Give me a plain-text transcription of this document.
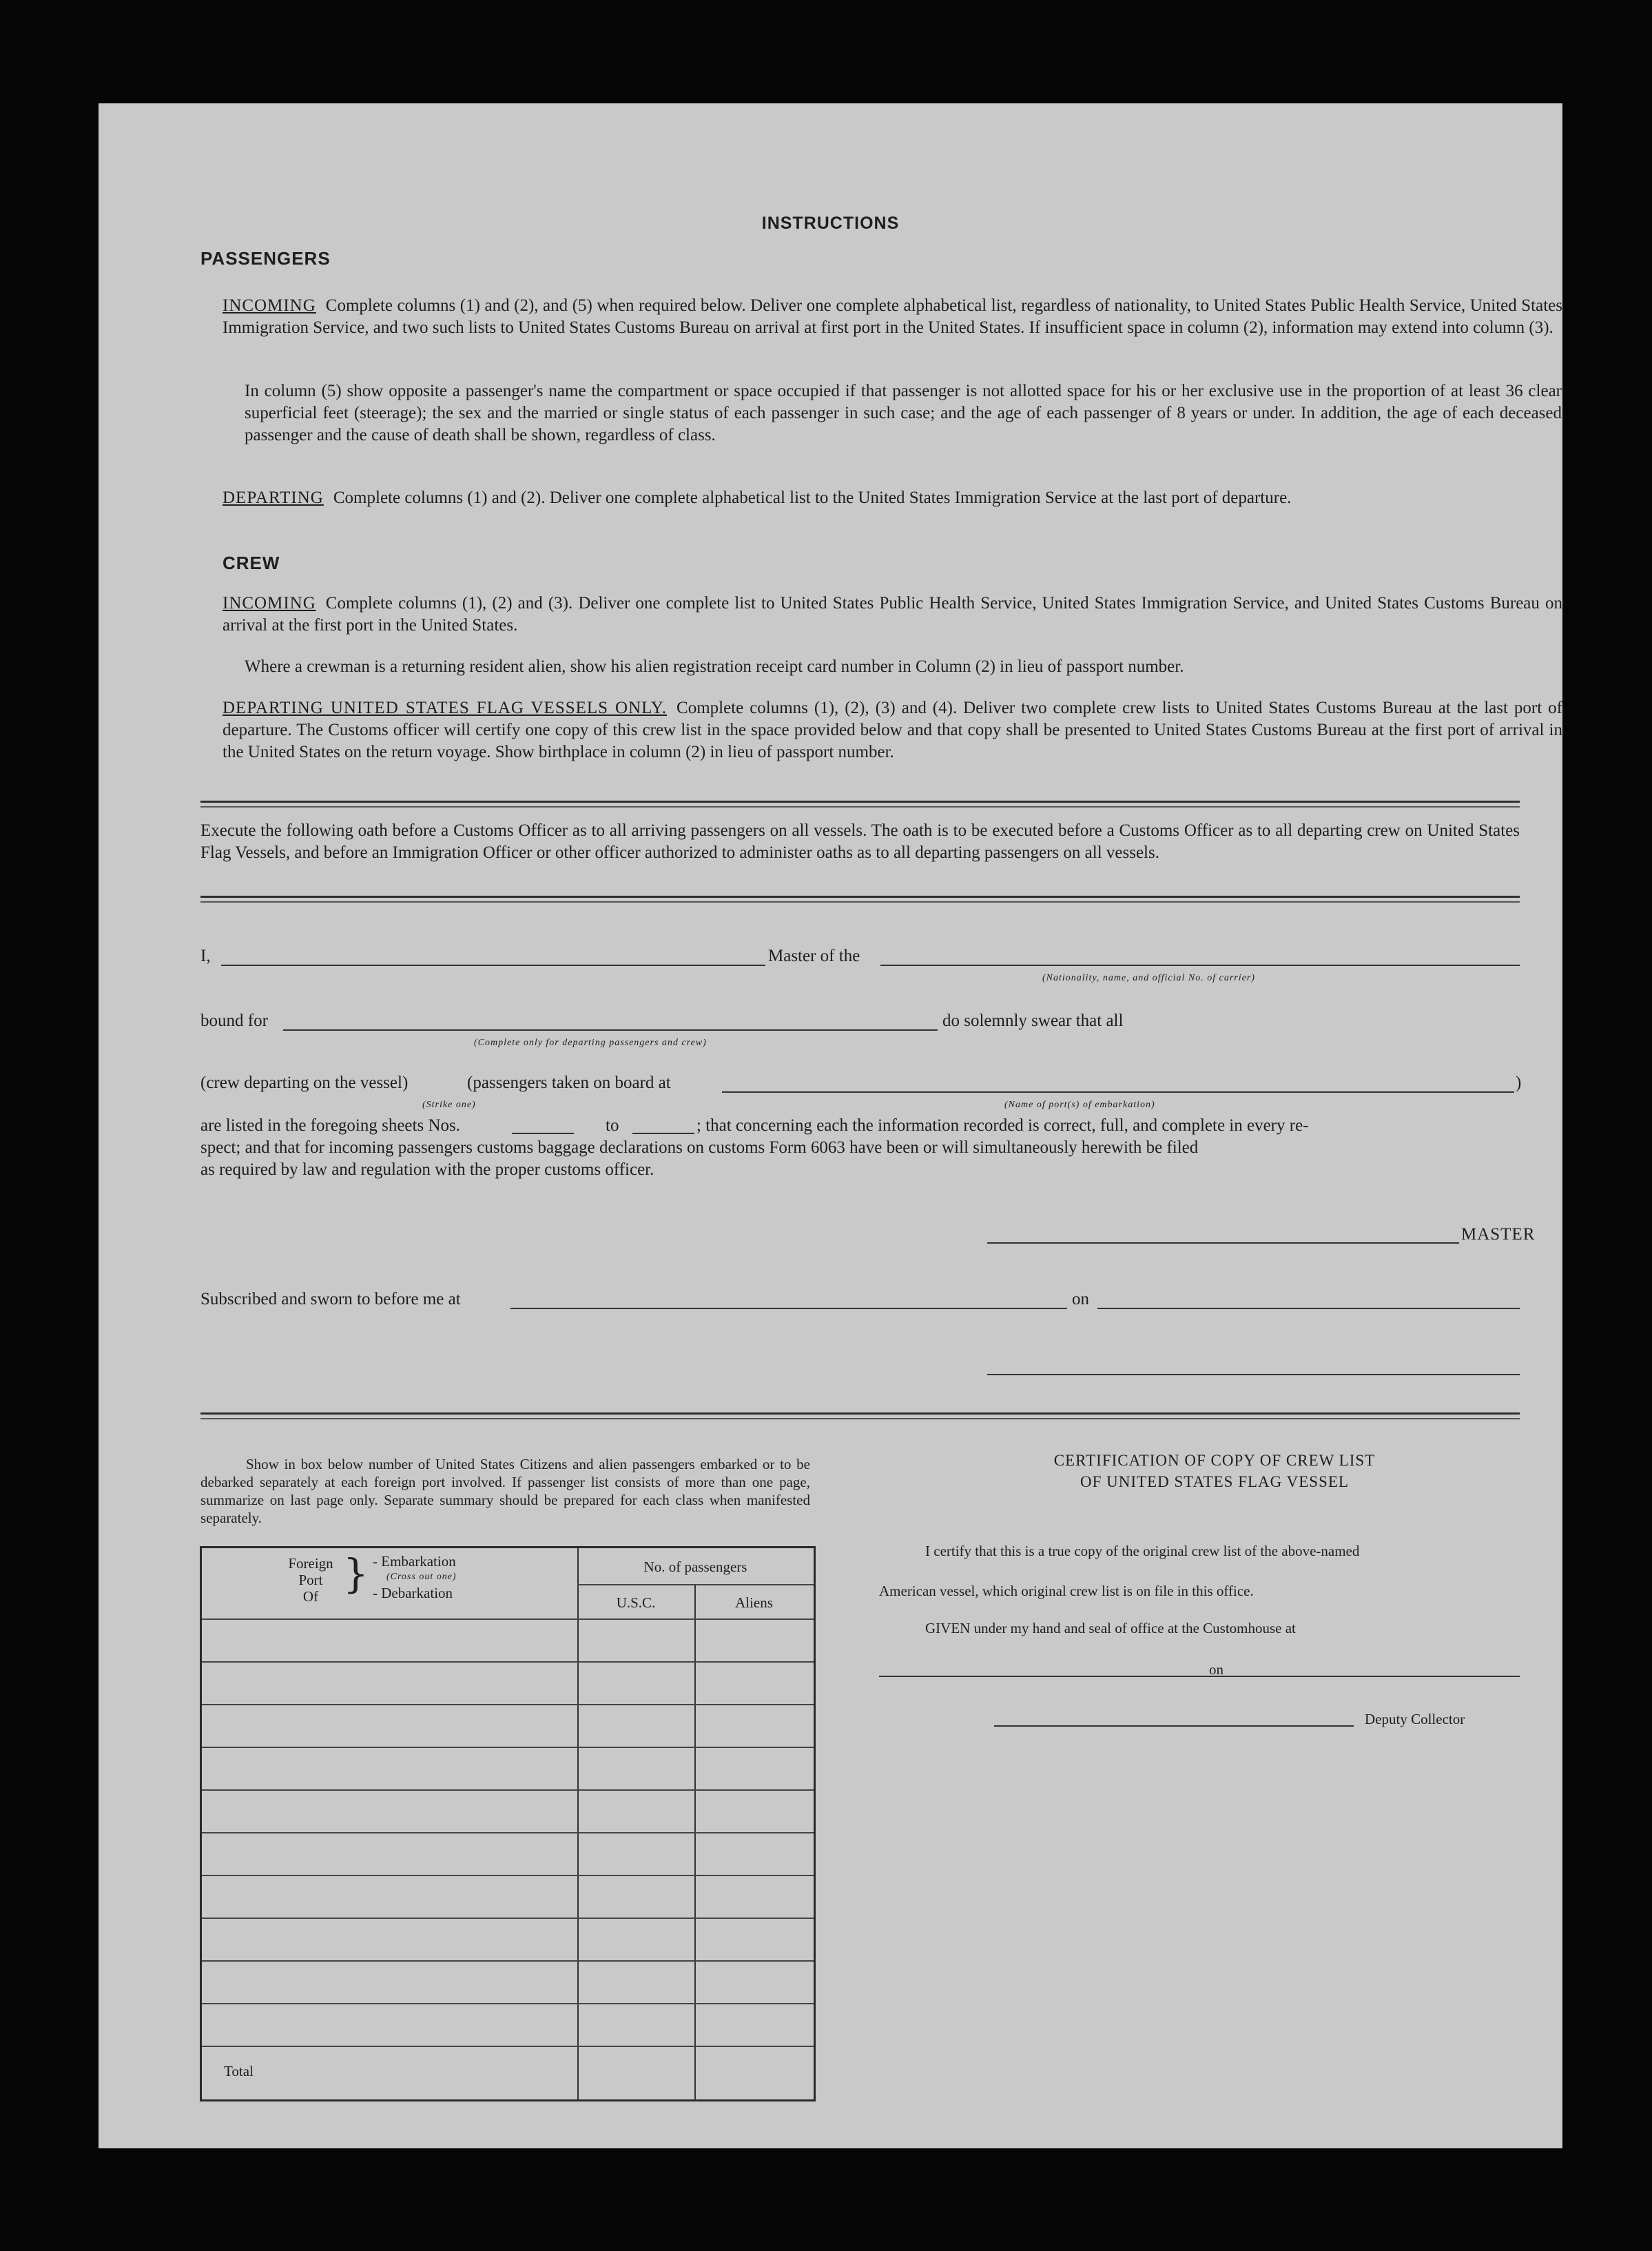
INSTRUCTIONS
PASSENGERS
INCOMING Complete columns (1) and (2), and (5) when required below. Deliver one complete alphabetical list, regardless of nationality, to United States Public Health Service, United States Immigration Service, and two such lists to United States Customs Bureau on arrival at first port in the United States. If insufficient space in column (2), information may extend into column (3).
In column (5) show opposite a passenger's name the compartment or space occupied if that passenger is not allotted space for his or her exclusive use in the proportion of at least 36 clear superficial feet (steerage); the sex and the married or single status of each passenger in such case; and the age of each passenger of 8 years or under. In addition, the age of each deceased passenger and the cause of death shall be shown, regardless of class.
DEPARTING Complete columns (1) and (2). Deliver one complete alphabetical list to the United States Immigration Service at the last port of departure.
CREW
INCOMING Complete columns (1), (2) and (3). Deliver one complete list to United States Public Health Service, United States Immigration Service, and United States Customs Bureau on arrival at the first port in the United States.
Where a crewman is a returning resident alien, show his alien registration receipt card number in Column (2) in lieu of passport number.
DEPARTING UNITED STATES FLAG VESSELS ONLY. Complete columns (1), (2), (3) and (4). Deliver two complete crew lists to United States Customs Bureau at the last port of departure. The Customs officer will certify one copy of this crew list in the space provided below and that copy shall be presented to United States Customs Bureau at the first port of arrival in the United States on the return voyage. Show birthplace in column (2) in lieu of passport number.
Execute the following oath before a Customs Officer as to all arriving passengers on all vessels. The oath is to be executed before a Customs Officer as to all departing crew on United States Flag Vessels, and before an Immigration Officer or other officer authorized to administer oaths as to all departing passengers on all vessels.
I,	Master of the
(Nationality, name, and official No. of carrier)
bound for
(Complete only for departing passengers and crew)
do solemnly swear that all
(crew departing on the vessel)	(passengers taken on board at	)
(Strike one)	(Name of port(s) of embarkation)
are listed in the foregoing sheets Nos.	to	; that concerning each the information recorded is correct, full, and complete in every re-
spect; and that for incoming passengers customs baggage declarations on customs Form 6063 have been or will simultaneously herewith be filed
as required by law and regulation with the proper customs officer.
MASTER
Subscribed and sworn to before me at	on
Show in box below number of United States Citizens and alien passengers embarked or to be debarked separately at each foreign port involved. If passenger list consists of more than one page, summarize on last page only. Separate summary should be prepared for each class when manifested separately.
Foreign
Port
Of } - Embarkation
(Cross out one)
- Debarkation
No. of passengers
U.S.C.	Aliens
Total
CERTIFICATION OF COPY OF CREW LIST
OF UNITED STATES FLAG VESSEL
I certify that this is a true copy of the original crew list of the above-named
American vessel, which original crew list is on file in this office.
GIVEN under my hand and seal of office at the Customhouse at
on
Deputy Collector
